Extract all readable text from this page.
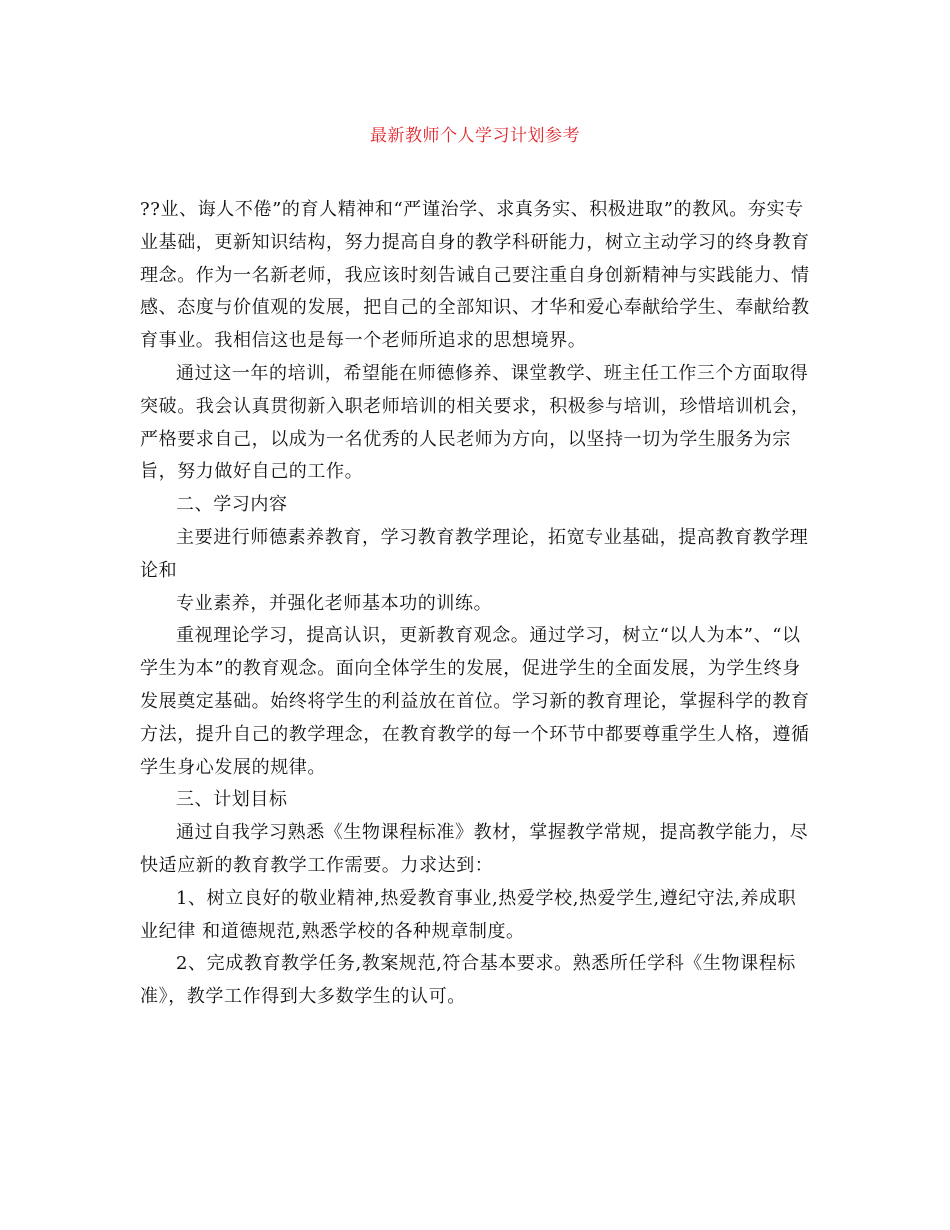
最新教师个人学习计划参考
??业、诲人不倦”的育人精神和“严谨治学、求真务实、积极进取”的教风。夯实专
业基础，更新知识结构，努力提高自身的教学科研能力，树立主动学习的终身教育
理念。作为一名新老师，我应该时刻告诫自己要注重自身创新精神与实践能力、情
感、态度与价值观的发展，把自己的全部知识、才华和爱心奉献给学生、奉献给教
育事业。我相信这也是每一个老师所追求的思想境界。
通过这一年的培训，希望能在师德修养、课堂教学、班主任工作三个方面取得
突破。我会认真贯彻新入职老师培训的相关要求，积极参与培训，珍惜培训机会，
严格要求自己，以成为一名优秀的人民老师为方向，以坚持一切为学生服务为宗
旨，努力做好自己的工作。
二、学习内容
主要进行师德素养教育，学习教育教学理论，拓宽专业基础，提高教育教学理
论和
专业素养，并强化老师基本功的训练。
重视理论学习，提高认识，更新教育观念。通过学习，树立“以人为本”、“以
学生为本”的教育观念。面向全体学生的发展，促进学生的全面发展，为学生终身
发展奠定基础。始终将学生的利益放在首位。学习新的教育理论，掌握科学的教育
方法，提升自己的教学理念，在教育教学的每一个环节中都要尊重学生人格，遵循
学生身心发展的规律。
三、计划目标
通过自我学习熟悉《生物课程标准》教材，掌握教学常规，提高教学能力，尽
快适应新的教育教学工作需要。力求达到：
1、树立良好的敬业精神,热爱教育事业,热爱学校,热爱学生,遵纪守法,养成职
业纪律 和道德规范,熟悉学校的各种规章制度。
2、完成教育教学任务,教案规范,符合基本要求。熟悉所任学科《生物课程标
准》，教学工作得到大多数学生的认可。
